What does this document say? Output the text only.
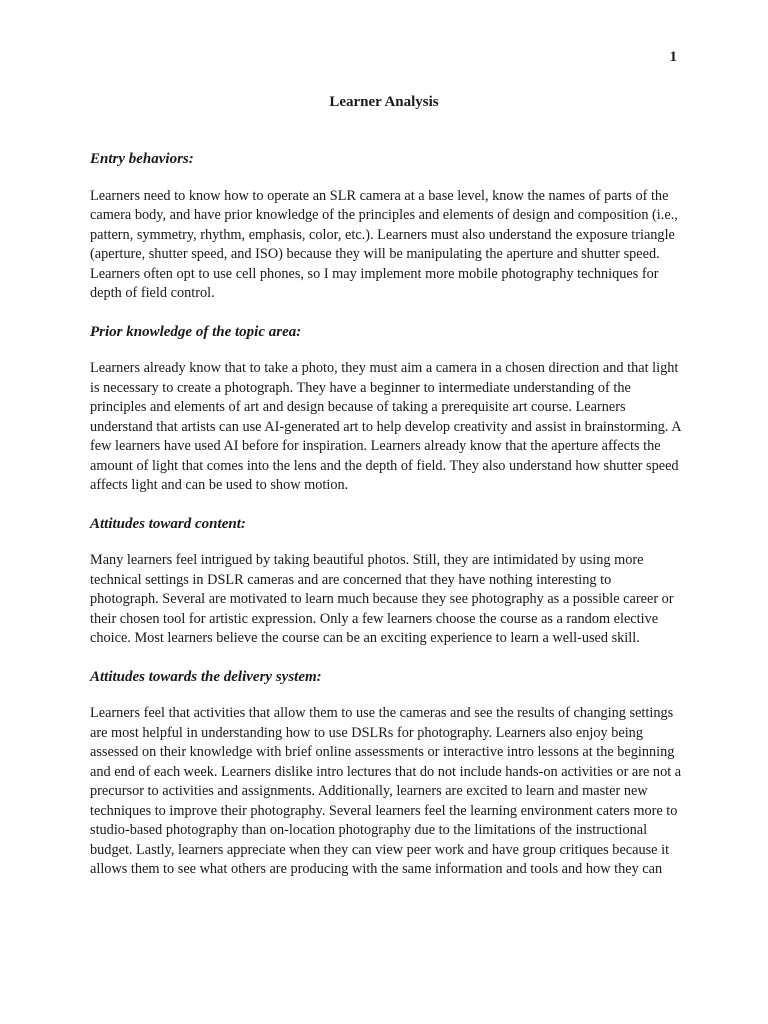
1
Learner Analysis
Entry behaviors:

Learners need to know how to operate an SLR camera at a base level, know the names of parts of the camera body, and have prior knowledge of the principles and elements of design and composition (i.e., pattern, symmetry, rhythm, emphasis, color, etc.). Learners must also understand the exposure triangle (aperture, shutter speed, and ISO) because they will be manipulating the aperture and shutter speed. Learners often opt to use cell phones, so I may implement more mobile photography techniques for depth of field control.

Prior knowledge of the topic area:

Learners already know that to take a photo, they must aim a camera in a chosen direction and that light is necessary to create a photograph. They have a beginner to intermediate understanding of the principles and elements of art and design because of taking a prerequisite art course. Learners understand that artists can use AI-generated art to help develop creativity and assist in brainstorming. A few learners have used AI before for inspiration. Learners already know that the aperture affects the amount of light that comes into the lens and the depth of field. They also understand how shutter speed affects light and can be used to show motion.

Attitudes toward content:

Many learners feel intrigued by taking beautiful photos. Still, they are intimidated by using more technical settings in DSLR cameras and are concerned that they have nothing interesting to photograph. Several are motivated to learn much because they see photography as a possible career or their chosen tool for artistic expression. Only a few learners choose the course as a random elective choice. Most learners believe the course can be an exciting experience to learn a well-used skill.

Attitudes towards the delivery system:

Learners feel that activities that allow them to use the cameras and see the results of changing settings are most helpful in understanding how to use DSLRs for photography. Learners also enjoy being assessed on their knowledge with brief online assessments or interactive intro lessons at the beginning and end of each week. Learners dislike intro lectures that do not include hands-on activities or are not a precursor to activities and assignments. Additionally, learners are excited to learn and master new techniques to improve their photography. Several learners feel the learning environment caters more to studio-based photography than on-location photography due to the limitations of the instructional budget. Lastly, learners appreciate when they can view peer work and have group critiques because it allows them to see what others are producing with the same information and tools and how they can
